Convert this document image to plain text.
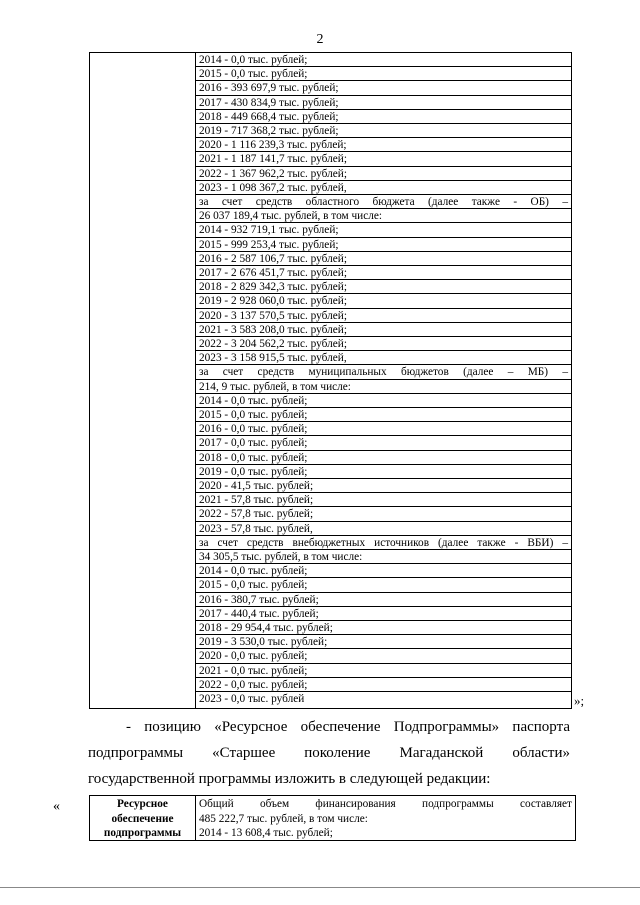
2
2014 - 0,0 тыс. рублей;
2015 - 0,0 тыс. рублей;
2016 - 393 697,9 тыс. рублей;
2017 - 430 834,9 тыс. рублей;
2018 - 449 668,4 тыс. рублей;
2019 - 717 368,2 тыс. рублей;
2020 - 1 116 239,3 тыс. рублей;
2021 - 1 187 141,7 тыс. рублей;
2022 - 1 367 962,2 тыс. рублей;
2023 - 1 098 367,2 тыс. рублей,
за счет средств областного бюджета (далее также - ОБ) –
26 037 189,4 тыс. рублей, в том числе:
2014 - 932 719,1 тыс. рублей;
2015 - 999 253,4 тыс. рублей;
2016 - 2 587 106,7 тыс. рублей;
2017 - 2 676 451,7 тыс. рублей;
2018 - 2 829 342,3 тыс. рублей;
2019 - 2 928 060,0 тыс. рублей;
2020 - 3 137 570,5 тыс. рублей;
2021 - 3 583 208,0 тыс. рублей;
2022 - 3 204 562,2 тыс. рублей;
2023 - 3 158 915,5 тыс. рублей,
за счет средств муниципальных бюджетов (далее – МБ) –
214, 9 тыс. рублей, в том числе:
2014 - 0,0 тыс. рублей;
2015 - 0,0 тыс. рублей;
2016 - 0,0 тыс. рублей;
2017 - 0,0 тыс. рублей;
2018 - 0,0 тыс. рублей;
2019 - 0,0 тыс. рублей;
2020 - 41,5 тыс. рублей;
2021 - 57,8 тыс. рублей;
2022 - 57,8 тыс. рублей;
2023 - 57,8 тыс. рублей,
за счет средств внебюджетных источников (далее также - ВБИ) –
34 305,5 тыс. рублей, в том числе:
2014 - 0,0 тыс. рублей;
2015 - 0,0 тыс. рублей;
2016 - 380,7 тыс. рублей;
2017 - 440,4 тыс. рублей;
2018 - 29 954,4 тыс. рублей;
2019 - 3 530,0 тыс. рублей;
2020 - 0,0 тыс. рублей;
2021 - 0,0 тыс. рублей;
2022 - 0,0 тыс. рублей;
2023 - 0,0 тыс. рублей	»;
- позицию «Ресурсное обеспечение Подпрограммы» паспорта
подпрограммы «Старшее поколение Магаданской области»
государственной программы изложить в следующей редакции:
«	Ресурсное
обеспечение
подпрограммы
Общий объем финансирования подпрограммы составляет
485 222,7 тыс. рублей, в том числе:
2014 - 13 608,4 тыс. рублей;
